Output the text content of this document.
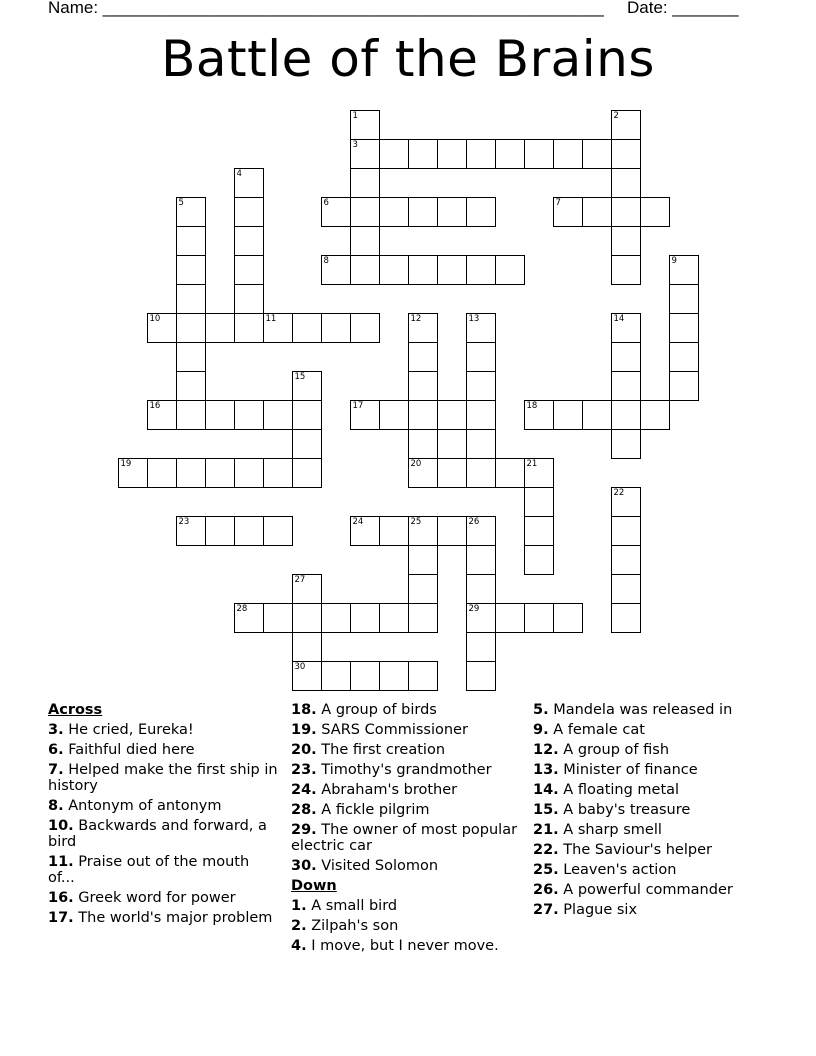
Name: _____________________________________________________ Date: _______
Battle of the Brains
3
6	7
8
10	11
16	17	18
19	20	21
23	24	25	26
28	29
30
1	2
4
5
9
12	13	14
15
22
27
Across
3. He cried, Eureka!
6. Faithful died here
7. Helped make the first ship in history
8. Antonym of antonym
10. Backwards and forward, a bird
11. Praise out of the mouth of...
16. Greek word for power
17. The world's major problem
18. A group of birds
19. SARS Commissioner
20. The first creation
23. Timothy's grandmother
24. Abraham's brother
28. A fickle pilgrim
29. The owner of most popular electric car
30. Visited Solomon
Down
1. A small bird
2. Zilpah's son
4. I move, but I never move.
5. Mandela was released in
9. A female cat
12. A group of fish
13. Minister of finance
14. A floating metal
15. A baby's treasure
21. A sharp smell
22. The Saviour's helper
25. Leaven's action
26. A powerful commander
27. Plague six
